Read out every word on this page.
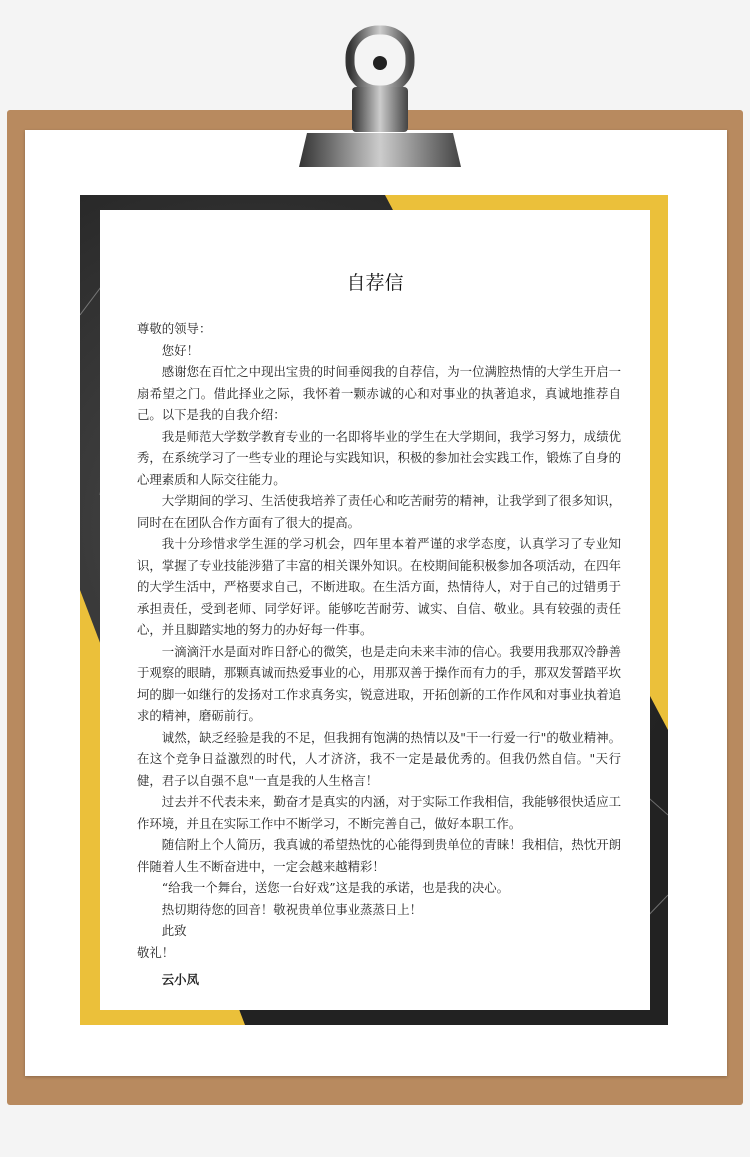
自荐信

尊敬的领导：

您好！

感谢您在百忙之中现出宝贵的时间垂阅我的自荐信，为一位满腔热情的大学生开启一扇希望之门。借此择业之际，我怀着一颗赤诚的心和对事业的执著追求，真诚地推荐自己。以下是我的自我介绍：

我是师范大学数学教育专业的一名即将毕业的学生在大学期间，我学习努力，成绩优秀，在系统学习了一些专业的理论与实践知识，积极的参加社会实践工作，锻炼了自身的心理素质和人际交往能力。

大学期间的学习、生活使我培养了责任心和吃苦耐劳的精神，让我学到了很多知识，同时在在团队合作方面有了很大的提高。

我十分珍惜求学生涯的学习机会，四年里本着严谨的求学态度，认真学习了专业知识，掌握了专业技能涉猎了丰富的相关课外知识。在校期间能积极参加各项活动，在四年的大学生活中，严格要求自己，不断进取。在生活方面，热情待人，对于自己的过错勇于承担责任，受到老师、同学好评。能够吃苦耐劳、诚实、自信、敬业。具有较强的责任心，并且脚踏实地的努力的办好每一件事。

一滴滴汗水是面对昨日舒心的微笑，也是走向未来丰沛的信心。我要用我那双冷静善于观察的眼睛，那颗真诚而热爱事业的心，用那双善于操作而有力的手，那双发誓踏平坎坷的脚一如继行的发扬对工作求真务实，锐意进取，开拓创新的工作作风和对事业执着追求的精神，磨砺前行。

诚然，缺乏经验是我的不足，但我拥有饱满的热情以及"干一行爱一行"的敬业精神。在这个竞争日益激烈的时代，人才济济，我不一定是最优秀的。但我仍然自信。"天行健，君子以自强不息"一直是我的人生格言！

过去并不代表未来，勤奋才是真实的内涵，对于实际工作我相信，我能够很快适应工作环境，并且在实际工作中不断学习，不断完善自己，做好本职工作。

随信附上个人简历，我真诚的希望热忱的心能得到贵单位的青睐！我相信，热忱开朗伴随着人生不断奋进中，一定会越来越精彩！

“给我一个舞台，送您一台好戏”这是我的承诺，也是我的决心。

热切期待您的回音！敬祝贵单位事业蒸蒸日上！

此致

敬礼！

云小凤
